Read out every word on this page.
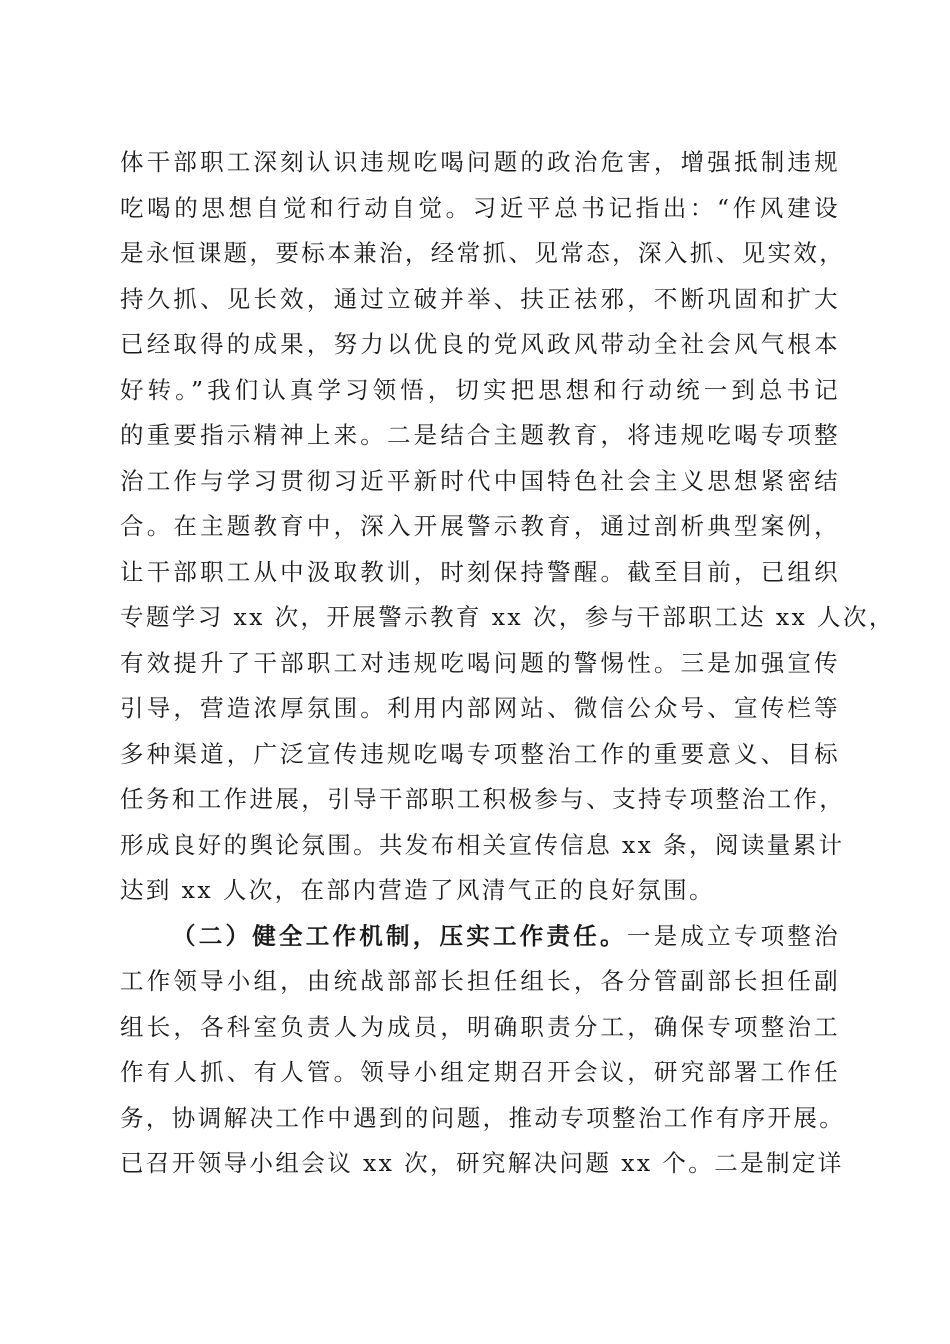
体干部职工深刻认识违规吃喝问题的政治危害，增强抵制违规
吃喝的思想自觉和行动自觉。习近平总书记指出：“作风建设
是永恒课题，要标本兼治，经常抓、见常态，深入抓、见实效，
持久抓、见长效，通过立破并举、扶正祛邪，不断巩固和扩大
已经取得的成果，努力以优良的党风政风带动全社会风气根本
好转。”我们认真学习领悟，切实把思想和行动统一到总书记
的重要指示精神上来。二是结合主题教育，将违规吃喝专项整
治工作与学习贯彻习近平新时代中国特色社会主义思想紧密结
合。在主题教育中，深入开展警示教育，通过剖析典型案例，
让干部职工从中汲取教训，时刻保持警醒。截至目前，已组织
专题学习 xx 次，开展警示教育 xx 次，参与干部职工达 xx 人次，
有效提升了干部职工对违规吃喝问题的警惕性。三是加强宣传
引导，营造浓厚氛围。利用内部网站、微信公众号、宣传栏等
多种渠道，广泛宣传违规吃喝专项整治工作的重要意义、目标
任务和工作进展，引导干部职工积极参与、支持专项整治工作，
形成良好的舆论氛围。共发布相关宣传信息 xx 条，阅读量累计
达到 xx 人次，在部内营造了风清气正的良好氛围。
（二）健全工作机制，压实工作责任。一是成立专项整治
工作领导小组，由统战部部长担任组长，各分管副部长担任副
组长，各科室负责人为成员，明确职责分工，确保专项整治工
作有人抓、有人管。领导小组定期召开会议，研究部署工作任
务，协调解决工作中遇到的问题，推动专项整治工作有序开展。
已召开领导小组会议 xx 次，研究解决问题 xx 个。二是制定详
